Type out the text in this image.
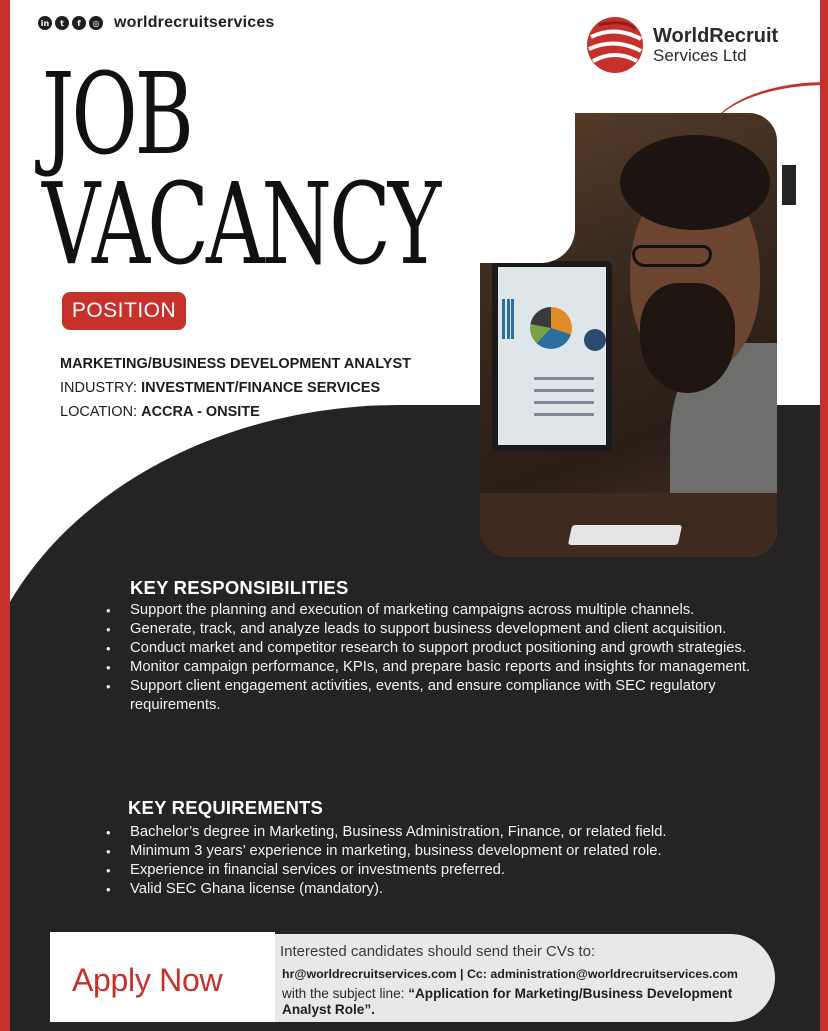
in	t	f	◎ worldrecruitservices
WorldRecruit
Services Ltd
JOB
VACANCY
POSITION
MARKETING/BUSINESS DEVELOPMENT ANALYST
INDUSTRY: INVESTMENT/FINANCE SERVICES
LOCATION: ACCRA - ONSITE
KEY RESPONSIBILITIES
• Support the planning and execution of marketing campaigns across multiple channels.
• Generate, track, and analyze leads to support business development and client acquisition.
• Conduct market and competitor research to support product positioning and growth strategies.
• Monitor campaign performance, KPIs, and prepare basic reports and insights for management.
• Support client engagement activities, events, and ensure compliance with SEC regulatory requirements.
KEY REQUIREMENTS
• Bachelor’s degree in Marketing, Business Administration, Finance, or related field.
• Minimum 3 years’ experience in marketing, business development or related role.
• Experience in financial services or investments preferred.
• Valid SEC Ghana license (mandatory).
Apply Now
Interested candidates should send their CVs to:
hr@worldrecruitservices.com | Cc: administration@worldrecruitservices.com
with the subject line: “Application for Marketing/Business Development Analyst Role”.
